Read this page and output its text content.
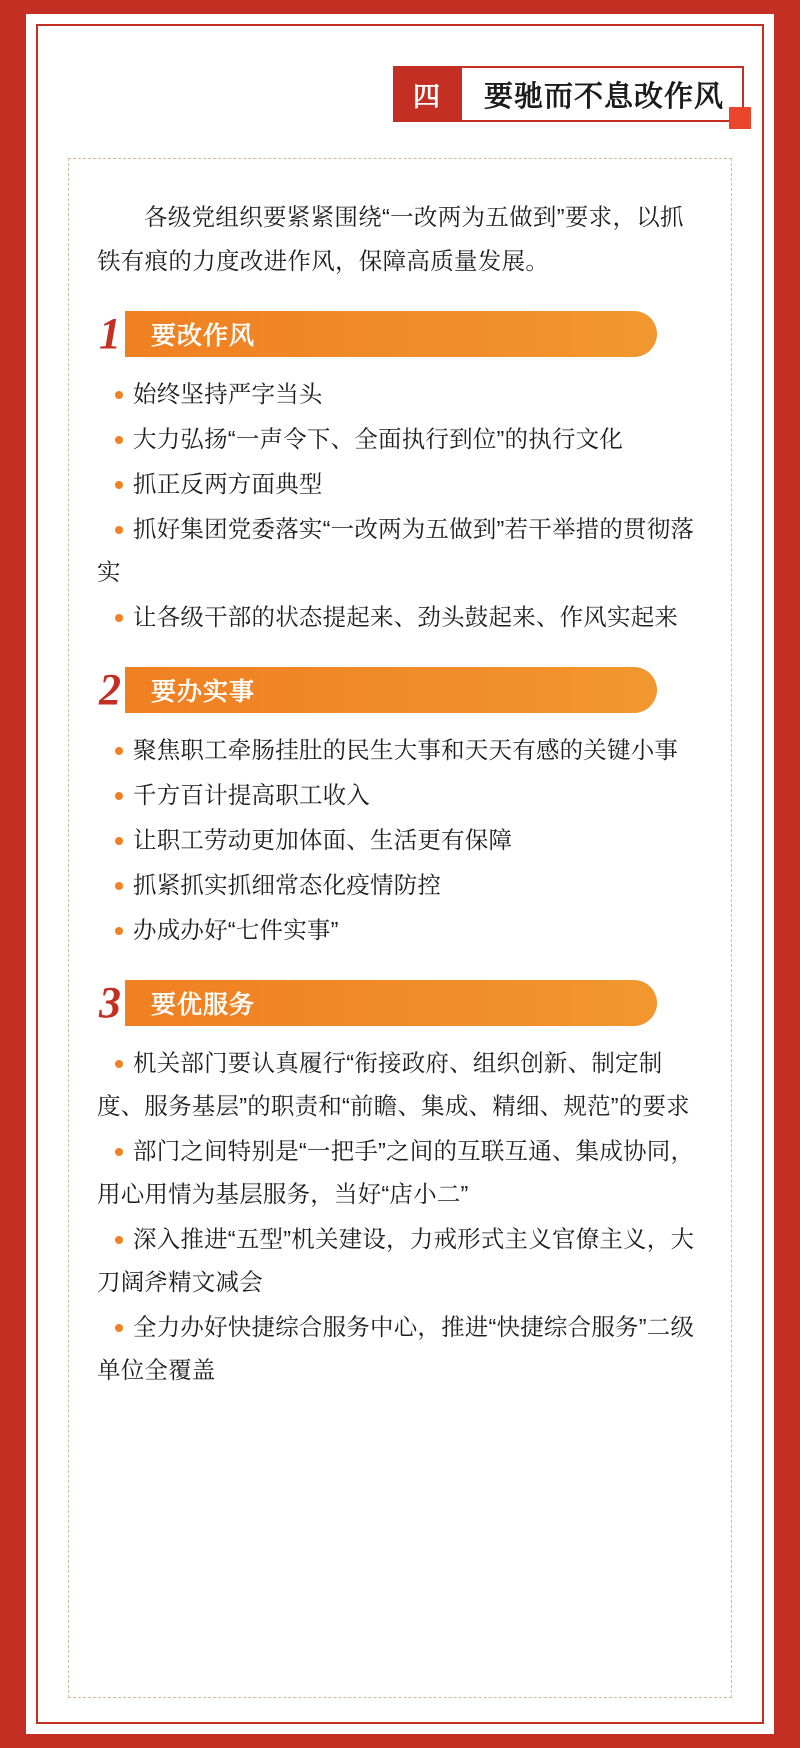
四	要驰而不息改作风

各级党组织要紧紧围绕“一改两为五做到”要求，以抓铁有痕的力度改进作风，保障高质量发展。

1	要改作风
始终坚持严字当头
大力弘扬“一声令下、全面执行到位”的执行文化
抓正反两方面典型
抓好集团党委落实“一改两为五做到”若干举措的贯彻落实
让各级干部的状态提起来、劲头鼓起来、作风实起来
2	要办实事
聚焦职工牵肠挂肚的民生大事和天天有感的关键小事
千方百计提高职工收入
让职工劳动更加体面、生活更有保障
抓紧抓实抓细常态化疫情防控
办成办好“七件实事”
3	要优服务
机关部门要认真履行“衔接政府、组织创新、制定制度、服务基层”的职责和“前瞻、集成、精细、规范”的要求
部门之间特别是“一把手”之间的互联互通、集成协同，用心用情为基层服务，当好“店小二”
深入推进“五型”机关建设，力戒形式主义官僚主义，大刀阔斧精文减会
全力办好快捷综合服务中心，推进“快捷综合服务”二级单位全覆盖
